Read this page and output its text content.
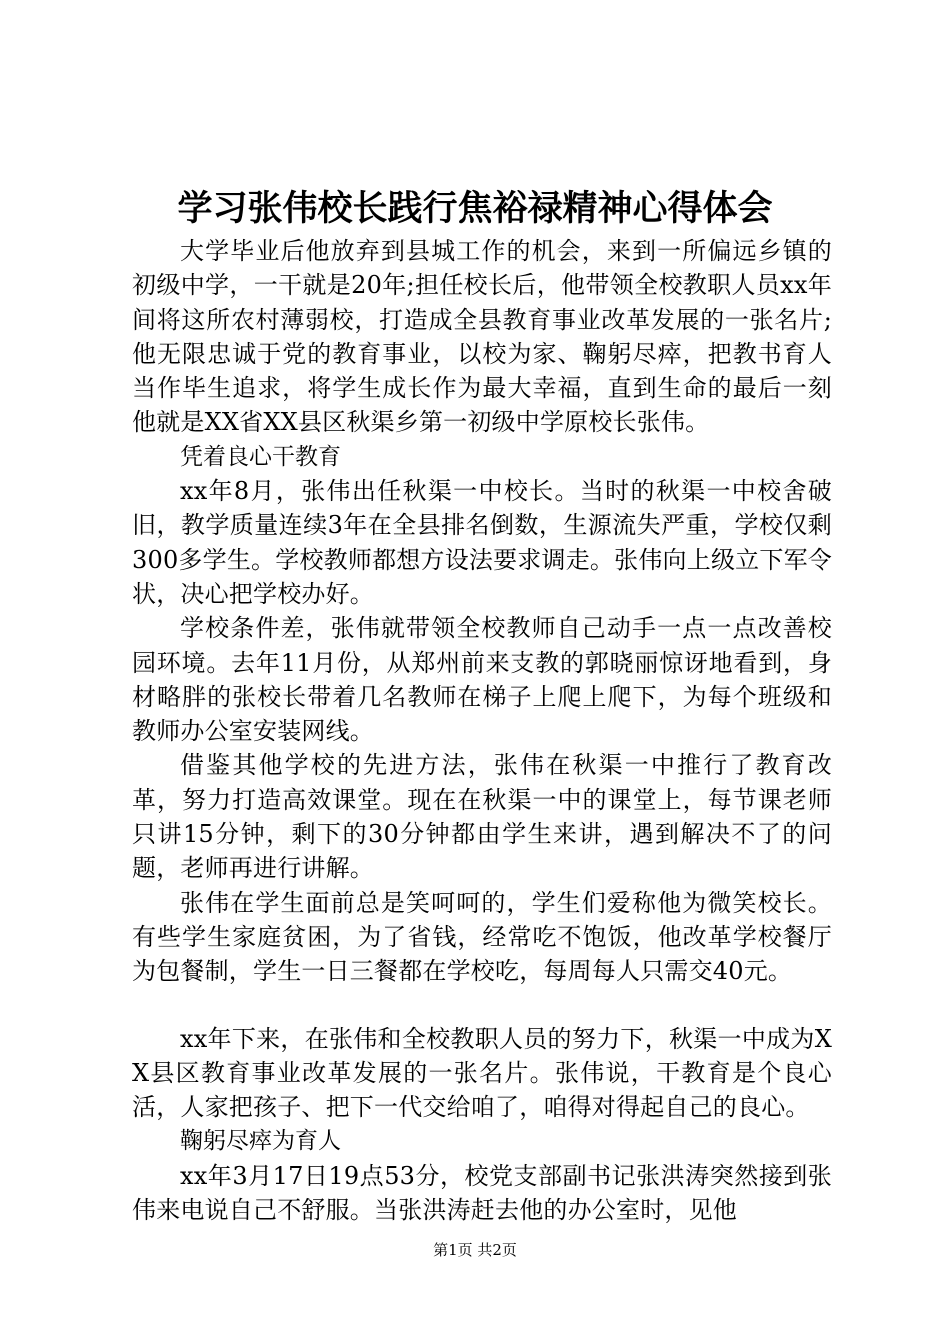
学习张伟校长践行焦裕禄精神心得体会

大学毕业后他放弃到县城工作的机会，来到一所偏远乡镇的初级中学，一干就是20年;担任校长后，他带领全校教职人员xx年间将这所农村薄弱校，打造成全县教育事业改革发展的一张名片;他无限忠诚于党的教育事业，以校为家、鞠躬尽瘁，把教书育人当作毕生追求，将学生成长作为最大幸福，直到生命的最后一刻他就是XX省XX县区秋渠乡第一初级中学原校长张伟。

凭着良心干教育

xx年8月，张伟出任秋渠一中校长。当时的秋渠一中校舍破旧，教学质量连续3年在全县排名倒数，生源流失严重，学校仅剩300多学生。学校教师都想方设法要求调走。张伟向上级立下军令状，决心把学校办好。

学校条件差，张伟就带领全校教师自己动手一点一点改善校园环境。去年11月份，从郑州前来支教的郭晓丽惊讶地看到，身材略胖的张校长带着几名教师在梯子上爬上爬下，为每个班级和教师办公室安装网线。

借鉴其他学校的先进方法，张伟在秋渠一中推行了教育改革，努力打造高效课堂。现在在秋渠一中的课堂上，每节课老师只讲15分钟，剩下的30分钟都由学生来讲，遇到解决不了的问题，老师再进行讲解。

张伟在学生面前总是笑呵呵的，学生们爱称他为微笑校长。有些学生家庭贫困，为了省钱，经常吃不饱饭，他改革学校餐厅为包餐制，学生一日三餐都在学校吃，每周每人只需交40元。

xx年下来，在张伟和全校教职人员的努力下，秋渠一中成为XX县区教育事业改革发展的一张名片。张伟说，干教育是个良心活，人家把孩子、把下一代交给咱了，咱得对得起自己的良心。

鞠躬尽瘁为育人

xx年3月17日19点53分，校党支部副书记张洪涛突然接到张伟来电说自己不舒服。当张洪涛赶去他的办公室时，见他

第1页 共2页
